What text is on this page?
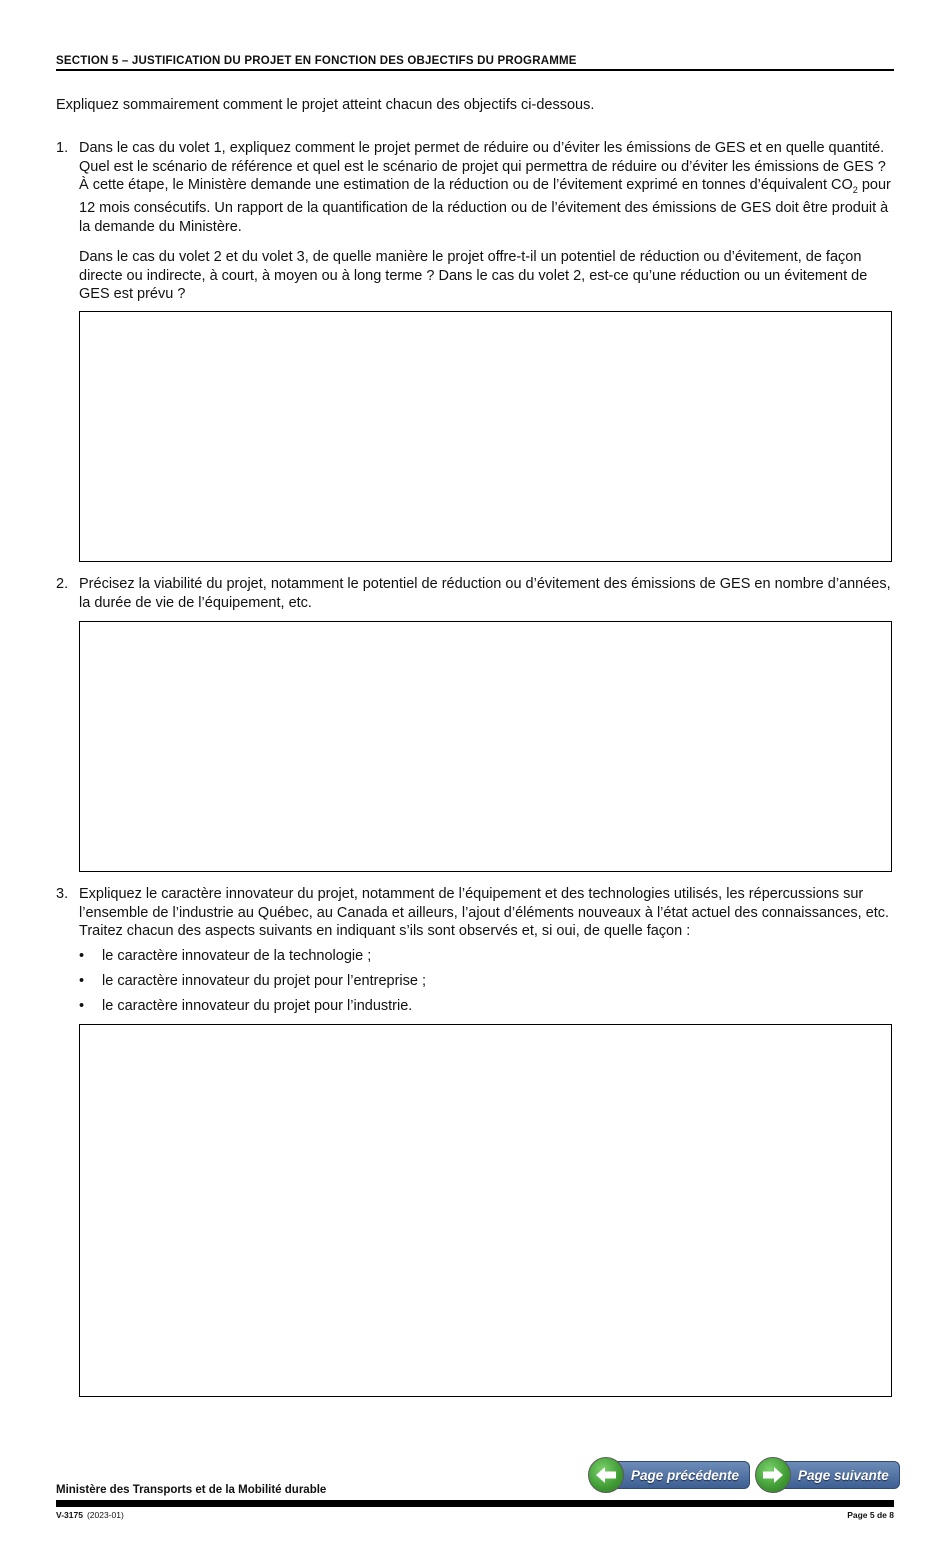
SECTION 5 – JUSTIFICATION DU PROJET EN FONCTION DES OBJECTIFS DU PROGRAMME
Expliquez sommairement comment le projet atteint chacun des objectifs ci-dessous.
1. Dans le cas du volet 1, expliquez comment le projet permet de réduire ou d’éviter les émissions de GES et en quelle quantité. Quel est le scénario de référence et quel est le scénario de projet qui permettra de réduire ou d’éviter les émissions de GES ? À cette étape, le Ministère demande une estimation de la réduction ou de l’évitement exprimé en tonnes d’équivalent $CO_2$ pour 12 mois consécutifs. Un rapport de la quantification de la réduction ou de l’évitement des émissions de GES doit être produit à la demande du Ministère.

Dans le cas du volet 2 et du volet 3, de quelle manière le projet offre-t-il un potentiel de réduction ou d’évitement, de façon directe ou indirecte, à court, à moyen ou à long terme ? Dans le cas du volet 2, est-ce qu’une réduction ou un évitement de GES est prévu ?

2. Précisez la viabilité du projet, notamment le potentiel de réduction ou d’évitement des émissions de GES en nombre d’années, la durée de vie de l’équipement, etc.

3. Expliquez le caractère innovateur du projet, notamment de l’équipement et des technologies utilisés, les répercussions sur l’ensemble de l’industrie au Québec, au Canada et ailleurs, l’ajout d’éléments nouveaux à l’état actuel des connaissances, etc. Traitez chacun des aspects suivants en indiquant s’ils sont observés et, si oui, de quelle façon :

• le caractère innovateur de la technologie ;
• le caractère innovateur du projet pour l’entreprise ;
• le caractère innovateur du projet pour l’industrie.
Page précédente	Page suivante
Ministère des Transports et de la Mobilité durable
V-3175 (2023-01)	Page 5 de 8
